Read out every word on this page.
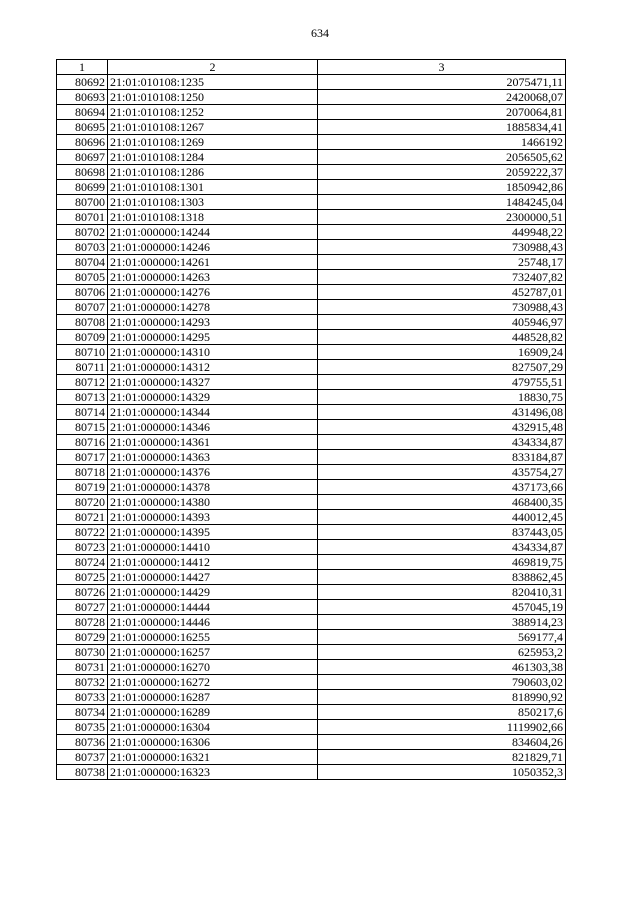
634
1	2	3
80692	21:01:010108:1235	2075471,11
80693	21:01:010108:1250	2420068,07
80694	21:01:010108:1252	2070064,81
80695	21:01:010108:1267	1885834,41
80696	21:01:010108:1269	1466192
80697	21:01:010108:1284	2056505,62
80698	21:01:010108:1286	2059222,37
80699	21:01:010108:1301	1850942,86
80700	21:01:010108:1303	1484245,04
80701	21:01:010108:1318	2300000,51
80702	21:01:000000:14244	449948,22
80703	21:01:000000:14246	730988,43
80704	21:01:000000:14261	25748,17
80705	21:01:000000:14263	732407,82
80706	21:01:000000:14276	452787,01
80707	21:01:000000:14278	730988,43
80708	21:01:000000:14293	405946,97
80709	21:01:000000:14295	448528,82
80710	21:01:000000:14310	16909,24
80711	21:01:000000:14312	827507,29
80712	21:01:000000:14327	479755,51
80713	21:01:000000:14329	18830,75
80714	21:01:000000:14344	431496,08
80715	21:01:000000:14346	432915,48
80716	21:01:000000:14361	434334,87
80717	21:01:000000:14363	833184,87
80718	21:01:000000:14376	435754,27
80719	21:01:000000:14378	437173,66
80720	21:01:000000:14380	468400,35
80721	21:01:000000:14393	440012,45
80722	21:01:000000:14395	837443,05
80723	21:01:000000:14410	434334,87
80724	21:01:000000:14412	469819,75
80725	21:01:000000:14427	838862,45
80726	21:01:000000:14429	820410,31
80727	21:01:000000:14444	457045,19
80728	21:01:000000:14446	388914,23
80729	21:01:000000:16255	569177,4
80730	21:01:000000:16257	625953,2
80731	21:01:000000:16270	461303,38
80732	21:01:000000:16272	790603,02
80733	21:01:000000:16287	818990,92
80734	21:01:000000:16289	850217,6
80735	21:01:000000:16304	1119902,66
80736	21:01:000000:16306	834604,26
80737	21:01:000000:16321	821829,71
80738	21:01:000000:16323	1050352,3
